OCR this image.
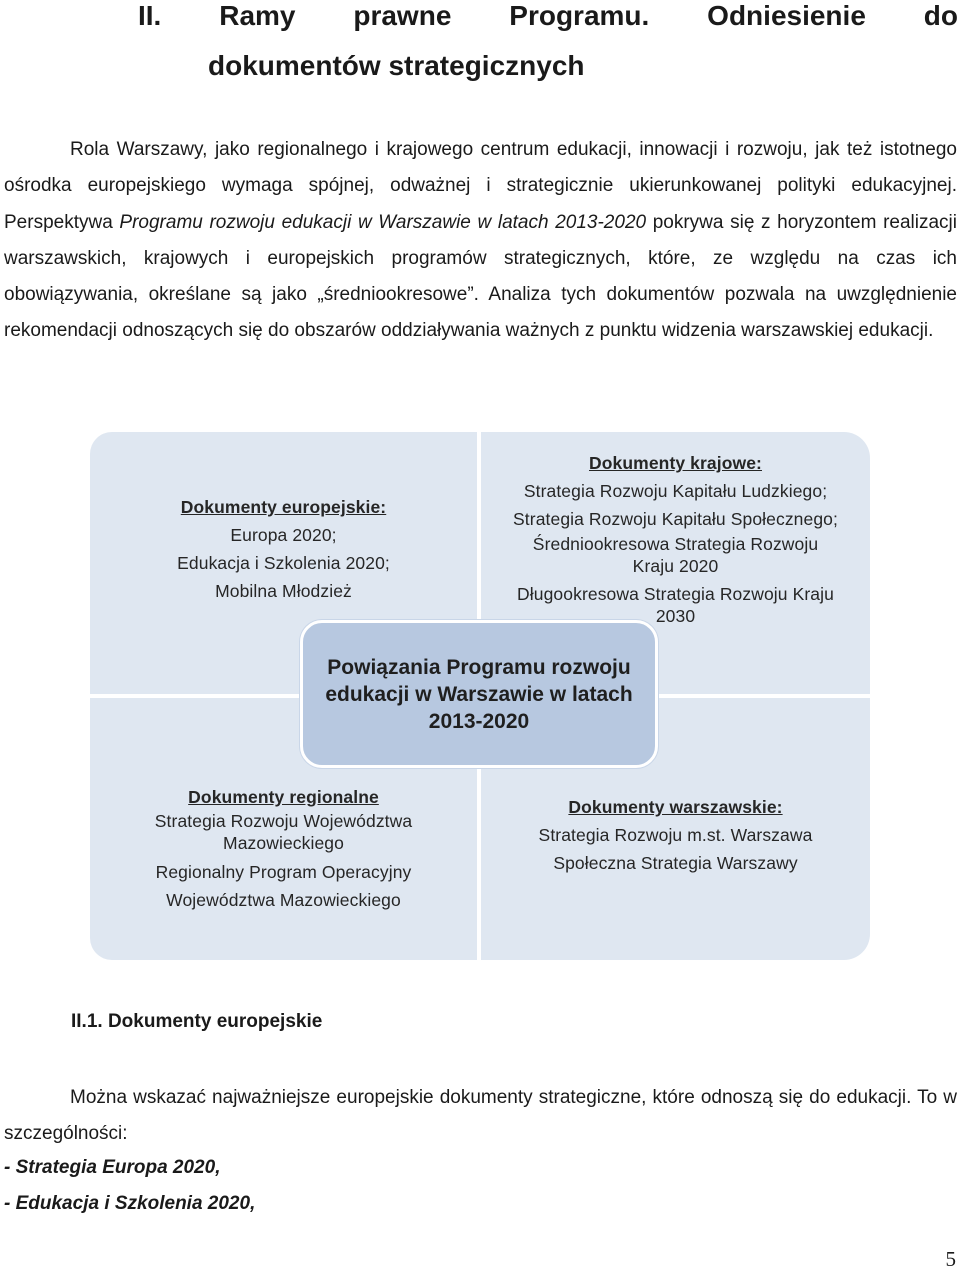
II. Ramy prawne Programu. Odniesienie do
dokumentów strategicznych

Rola Warszawy, jako regionalnego i krajowego centrum edukacji, innowacji i rozwoju, jak też istotnego ośrodka europejskiego wymaga spójnej, odważnej i strategicznie ukierunkowanej polityki edukacyjnej. Perspektywa Programu rozwoju edukacji w Warszawie w latach 2013-2020 pokrywa się z horyzontem realizacji warszawskich, krajowych i europejskich programów strategicznych, które, ze względu na czas ich obowiązywania, określane są jako „średniookresowe”. Analiza tych dokumentów pozwala na uwzględnienie rekomendacji odnoszących się do obszarów oddziaływania ważnych z punktu widzenia warszawskiej edukacji.

Dokumenty europejskie:
Europa 2020;
Edukacja i Szkolenia 2020;
Mobilna Młodzież
Dokumenty krajowe:
Strategia Rozwoju Kapitału Ludzkiego;
Strategia Rozwoju Kapitału Społecznego;
Średniookresowa Strategia Rozwoju
Kraju 2020
Długookresowa Strategia Rozwoju Kraju
2030
Dokumenty regionalne
Strategia Rozwoju Województwa
Mazowieckiego
Regionalny Program Operacyjny
Województwa Mazowieckiego
Dokumenty warszawskie:
Strategia Rozwoju m.st. Warszawa
Społeczna Strategia Warszawy
Powiązania Programu rozwoju edukacji w Warszawie w latach 2013-2020
II.1. Dokumenty europejskie

Można wskazać najważniejsze europejskie dokumenty strategiczne, które odnoszą się do edukacji. To w szczególności:

- Strategia Europa 2020,
- Edukacja i Szkolenia 2020,
5
